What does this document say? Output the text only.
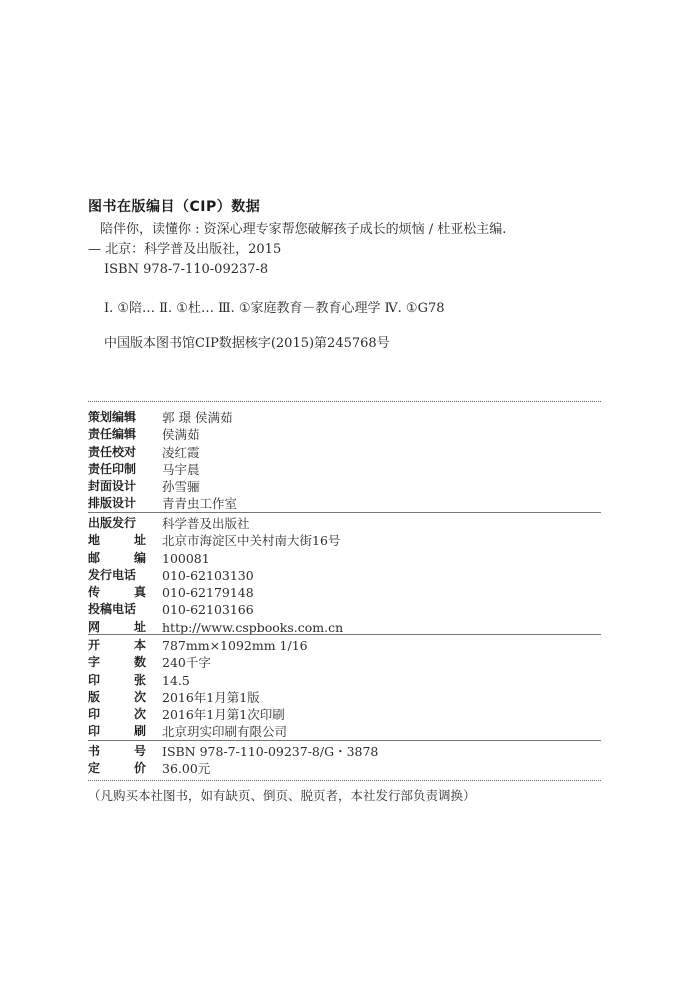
图书在版编目（CIP）数据
陪伴你，读懂你 : 资深心理专家帮您破解孩子成长的烦恼 / 杜亚松主编.
— 北京：科学普及出版社，2015
ISBN 978-7-110-09237-8
Ⅰ. ①陪… Ⅱ. ①杜… Ⅲ. ①家庭教育－教育心理学 Ⅳ. ①G78
中国版本图书馆CIP数据核字(2015)第245768号
策划编辑	郭 璟 侯满茹
责任编辑	侯满茹
责任校对	凌红霞
责任印制	马宇晨
封面设计	孙雪骊
排版设计	青青虫工作室
出版发行	科学普及出版社
地	址 北京市海淀区中关村南大街16号
邮	编 100081
发行电话	010-62103130
传	真 010-62179148
投稿电话	010-62103166
网	址 http://www.cspbooks.com.cn
开	本 787mm×1092mm 1/16
字	数 240千字
印	张 14.5
版	次 2016年1月第1版
印	次 2016年1月第1次印刷
印	刷 北京玥实印刷有限公司
书	号 ISBN 978-7-110-09237-8/G・3878
定	价 36.00元
（凡购买本社图书，如有缺页、倒页、脱页者，本社发行部负责调换）
